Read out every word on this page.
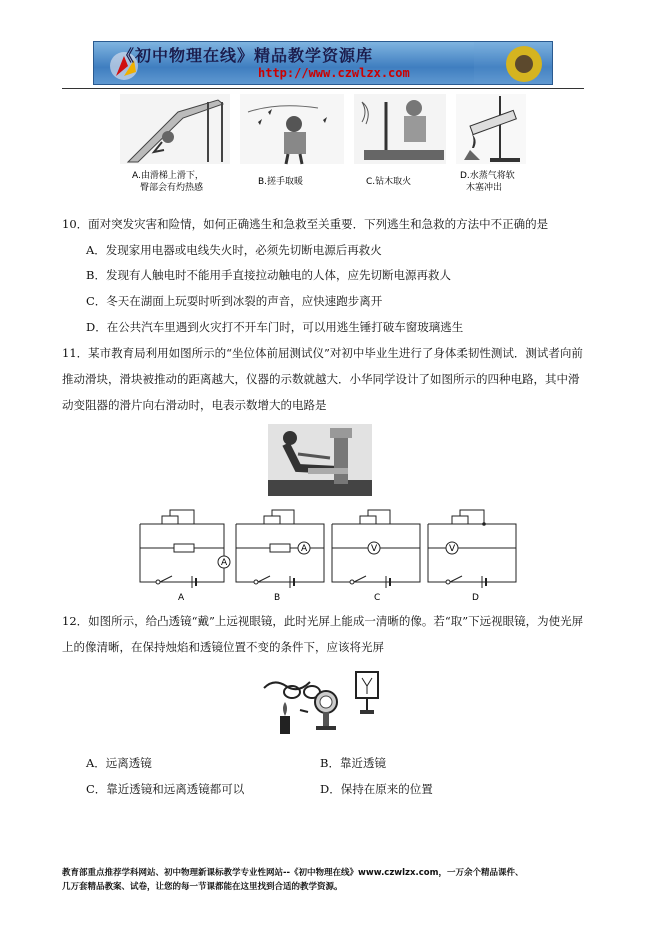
《初中物理在线》精品教学资源库
http://www.czwlzx.com
A.由滑梯上滑下，
臀部会有灼热感
B.搓手取暖	C.钻木取火
D.水蒸气将软
木塞冲出
10．面对突发灾害和险情，如何正确逃生和急救至关重要．下列逃生和急救的方法中不正确的是
A．发现家用电器或电线失火时，必须先切断电源后再救火
B．发现有人触电时不能用手直接拉动触电的人体，应先切断电源再救人
C．冬天在湖面上玩耍时听到冰裂的声音，应快速跑步离开
D．在公共汽车里遇到火灾打不开车门时，可以用逃生锤打破车窗玻璃逃生
11．某市教育局利用如图所示的“坐位体前屈测试仪”对初中毕业生进行了身体柔韧性测试．测试者向前
推动滑块，滑块被推动的距离越大，仪器的示数就越大．小华同学设计了如图所示的四种电路，其中滑
动变阻器的滑片向右滑动时，电表示数增大的电路是
A
A
A
B
V
C
V
D
12．如图所示，给凸透镜“戴”上远视眼镜，此时光屏上能成一清晰的像。若“取”下远视眼镜，为使光屏
上的像清晰，在保持烛焰和透镜位置不变的条件下，应该将光屏
A．远离透镜	B．靠近透镜
C．靠近透镜和远离透镜都可以	D．保持在原来的位置
教育部重点推荐学科网站、初中物理新课标教学专业性网站--《初中物理在线》www.czwlzx.com，一万余个精品课件、
几万套精品教案、试卷，让您的每一节课都能在这里找到合适的教学资源。
